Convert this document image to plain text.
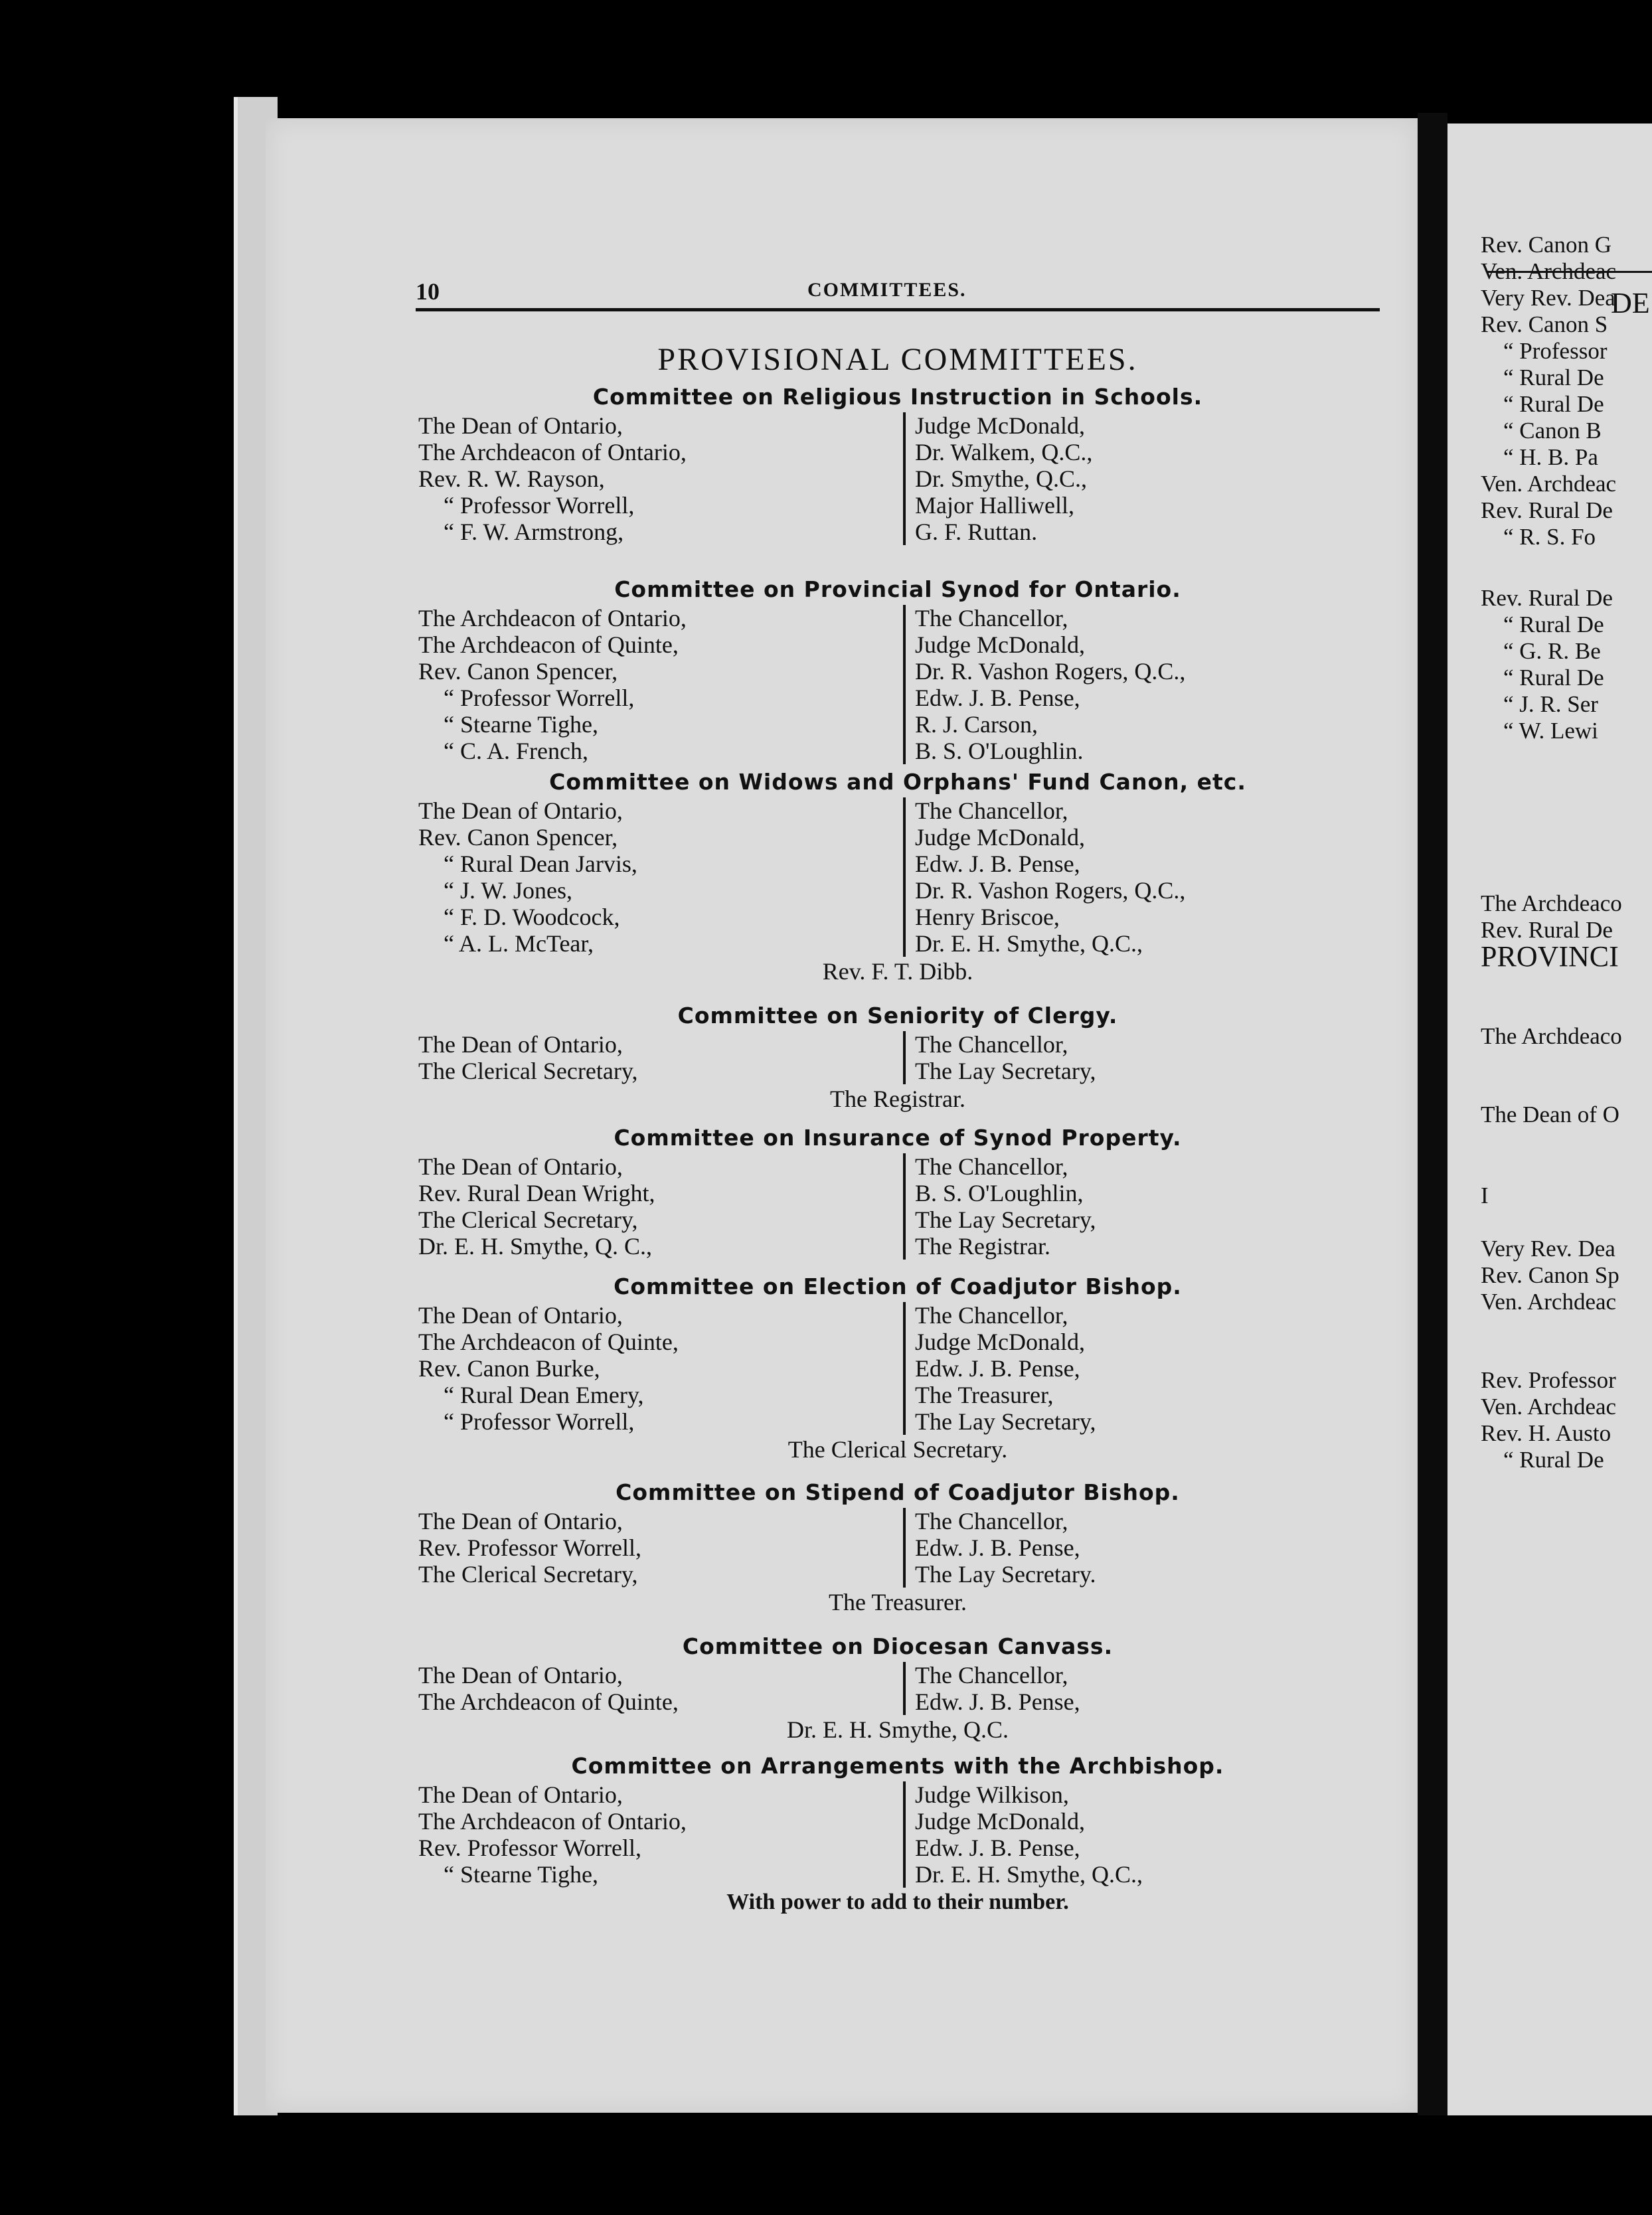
10	COMMITTEES.
PROVISIONAL COMMITTEES.
Committee on Religious Instruction in Schools.
The Dean of Ontario,
The Archdeacon of Ontario,
Rev. R. W. Rayson,
“ Professor Worrell,
“ F. W. Armstrong,
Judge McDonald,
Dr. Walkem, Q.C.,
Dr. Smythe, Q.C.,
Major Halliwell,
G. F. Ruttan.
Committee on Provincial Synod for Ontario.
The Archdeacon of Ontario,
The Archdeacon of Quinte,
Rev. Canon Spencer,
“ Professor Worrell,
“ Stearne Tighe,
“ C. A. French,
The Chancellor,
Judge McDonald,
Dr. R. Vashon Rogers, Q.C.,
Edw. J. B. Pense,
R. J. Carson,
B. S. O'Loughlin.
Committee on Widows and Orphans' Fund Canon, etc.
The Dean of Ontario,
Rev. Canon Spencer,
“ Rural Dean Jarvis,
“ J. W. Jones,
“ F. D. Woodcock,
“ A. L. McTear,
The Chancellor,
Judge McDonald,
Edw. J. B. Pense,
Dr. R. Vashon Rogers, Q.C.,
Henry Briscoe,
Dr. E. H. Smythe, Q.C.,
Rev. F. T. Dibb.
Committee on Seniority of Clergy.
The Dean of Ontario,
The Clerical Secretary,
The Chancellor,
The Lay Secretary,
The Registrar.
Committee on Insurance of Synod Property.
The Dean of Ontario,
Rev. Rural Dean Wright,
The Clerical Secretary,
Dr. E. H. Smythe, Q. C.,
The Chancellor,
B. S. O'Loughlin,
The Lay Secretary,
The Registrar.
Committee on Election of Coadjutor Bishop.
The Dean of Ontario,
The Archdeacon of Quinte,
Rev. Canon Burke,
“ Rural Dean Emery,
“ Professor Worrell,
The Chancellor,
Judge McDonald,
Edw. J. B. Pense,
The Treasurer,
The Lay Secretary,
The Clerical Secretary.
Committee on Stipend of Coadjutor Bishop.
The Dean of Ontario,
Rev. Professor Worrell,
The Clerical Secretary,
The Chancellor,
Edw. J. B. Pense,
The Lay Secretary.
The Treasurer.
Committee on Diocesan Canvass.
The Dean of Ontario,
The Archdeacon of Quinte,
The Chancellor,
Edw. J. B. Pense,
Dr. E. H. Smythe, Q.C.
Committee on Arrangements with the Archbishop.
The Dean of Ontario,
The Archdeacon of Ontario,
Rev. Professor Worrell,
“ Stearne Tighe,
Judge Wilkison,
Judge McDonald,
Edw. J. B. Pense,
Dr. E. H. Smythe, Q.C.,
With power to add to their number.
DE
Rev. Canon G
Ven. Archdeac
Very Rev. Dea
Rev. Canon S
“ Professor
“ Rural De
“ Rural De
“ Canon B
“ H. B. Pa
Ven. Archdeac
Rev. Rural De
“ R. S. Fo
Rev. Rural De
“ Rural De
“ G. R. Be
“ Rural De
“ J. R. Ser
“ W. Lewi
The Archdeaco
Rev. Rural De
PROVINCI
The Archdeaco
The Dean of O
I
Very Rev. Dea
Rev. Canon Sp
Ven. Archdeac
Rev. Professor
Ven. Archdeac
Rev. H. Austo
“ Rural De
